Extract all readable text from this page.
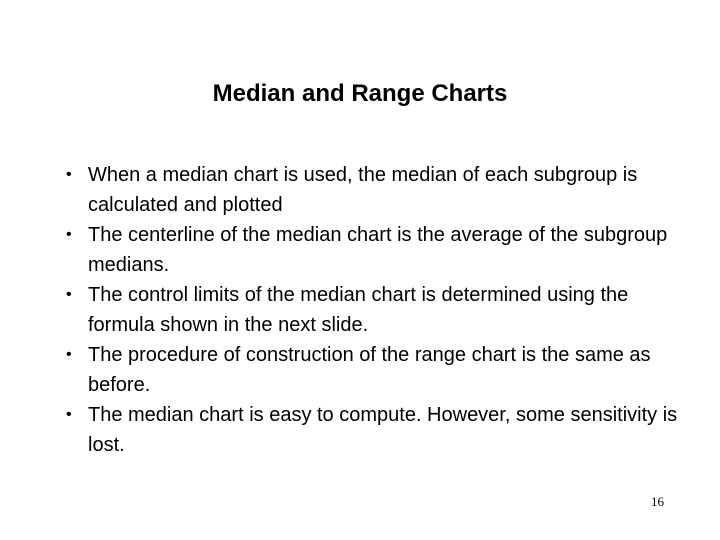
Median and Range Charts
• When a median chart is used, the median of each subgroup is calculated and plotted
• The centerline of the median chart is the average of the subgroup medians.
• The control limits of the median chart is determined using the formula shown in the next slide.
• The procedure of construction of the range chart is the same as before.
• The median chart is easy to compute. However, some sensitivity is lost.
16
